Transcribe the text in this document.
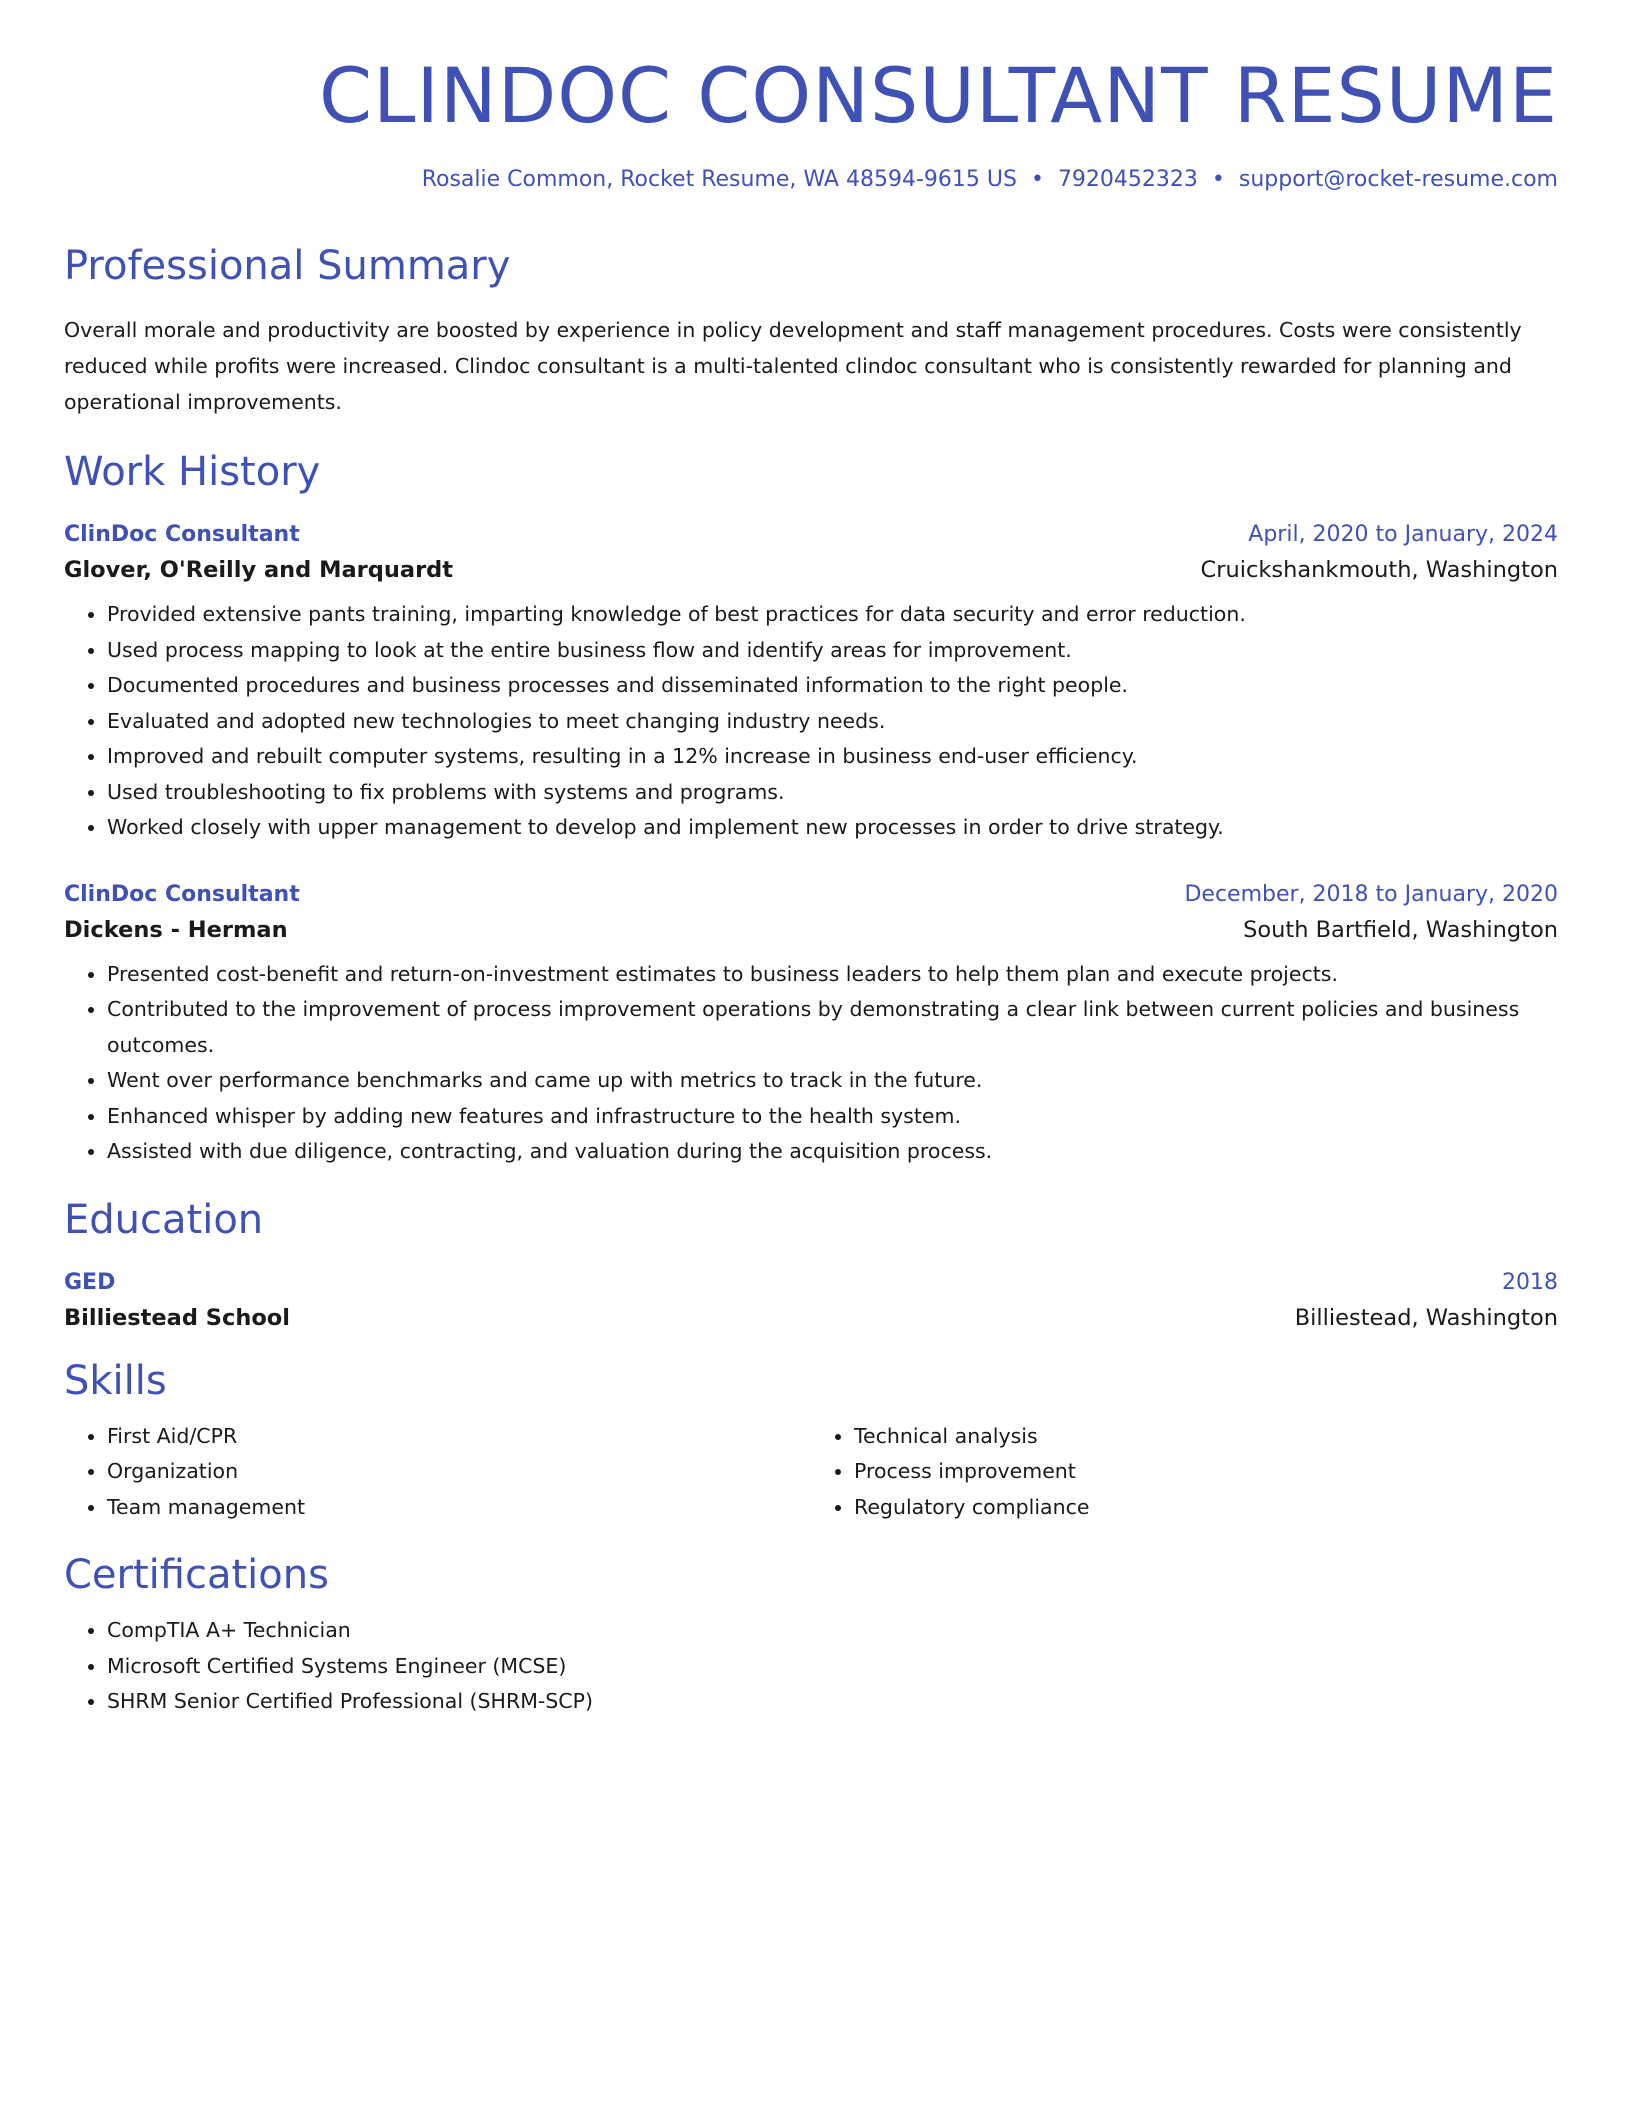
CLINDOC CONSULTANT RESUME
Rosalie Common, Rocket Resume, WA 48594-9615 US • 7920452323 • support@rocket-resume.com
Professional Summary

Overall morale and productivity are boosted by experience in policy development and staff management procedures. Costs were consistently reduced while profits were increased. Clindoc consultant is a multi-talented clindoc consultant who is consistently rewarded for planning and operational improvements.

Work History
ClinDoc Consultant	April, 2020 to January, 2024
Glover, O'Reilly and Marquardt	Cruickshankmouth, Washington
• Provided extensive pants training, imparting knowledge of best practices for data security and error reduction.
• Used process mapping to look at the entire business flow and identify areas for improvement.
• Documented procedures and business processes and disseminated information to the right people.
• Evaluated and adopted new technologies to meet changing industry needs.
• Improved and rebuilt computer systems, resulting in a 12% increase in business end-user efficiency.
• Used troubleshooting to fix problems with systems and programs.
• Worked closely with upper management to develop and implement new processes in order to drive strategy.
ClinDoc Consultant	December, 2018 to January, 2020
Dickens - Herman	South Bartfield, Washington
• Presented cost-benefit and return-on-investment estimates to business leaders to help them plan and execute projects.
• Contributed to the improvement of process improvement operations by demonstrating a clear link between current policies and business outcomes.
• Went over performance benchmarks and came up with metrics to track in the future.
• Enhanced whisper by adding new features and infrastructure to the health system.
• Assisted with due diligence, contracting, and valuation during the acquisition process.
Education
GED	2018
Billiestead School	Billiestead, Washington
Skills
• First Aid/CPR
• Organization
• Team management
• Technical analysis
• Process improvement
• Regulatory compliance
Certifications
• CompTIA A+ Technician
• Microsoft Certified Systems Engineer (MCSE)
• SHRM Senior Certified Professional (SHRM-SCP)
